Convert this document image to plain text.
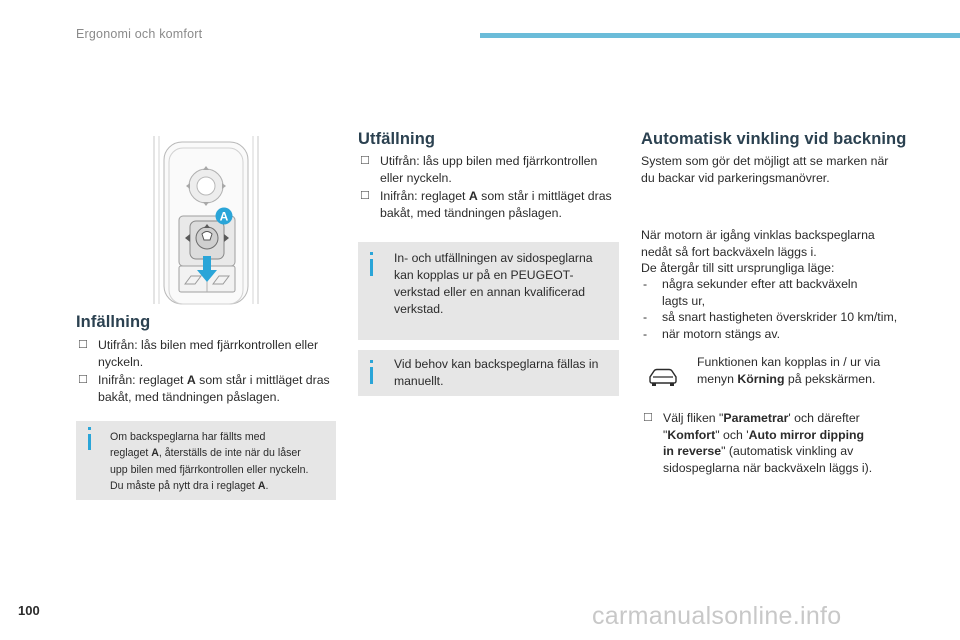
Ergonomi och komfort
A
Infällning
☐ Utifrån: lås bilen med fjärrkontrollen eller
nyckeln.
☐ Inifrån: reglaget A som står i mittläget dras
bakåt, med tändningen påslagen.
Om backspeglarna har fällts med
reglaget A, återställs de inte när du låser
upp bilen med fjärrkontrollen eller nyckeln.
Du måste på nytt dra i reglaget A.
Utfällning
☐ Utifrån: lås upp bilen med fjärrkontrollen
eller nyckeln.
☐ Inifrån: reglaget A som står i mittläget dras
bakåt, med tändningen påslagen.
In- och utfällningen av sidospeglarna
kan kopplas ur på en PEUGEOT-
verkstad eller en annan kvalificerad
verkstad.
Vid behov kan backspeglarna fällas in
manuellt.
Automatisk vinkling vid backning
System som gör det möjligt att se marken när
du backar vid parkeringsmanövrer.
När motorn är igång vinklas backspeglarna
nedåt så fort backväxeln läggs i.
De återgår till sitt ursprungliga läge:
- några sekunder efter att backväxeln
lagts ur,
- så snart hastigheten överskrider 10 km/tim,
- när motorn stängs av.
Funktionen kan kopplas in / ur via
menyn Körning på pekskärmen.
☐ Välj fliken "Parametrar' och därefter
"Komfort" och 'Auto mirror dipping
in reverse" (automatisk vinkling av
sidospeglarna när backväxeln läggs i).
100	carmanualsonline.info
